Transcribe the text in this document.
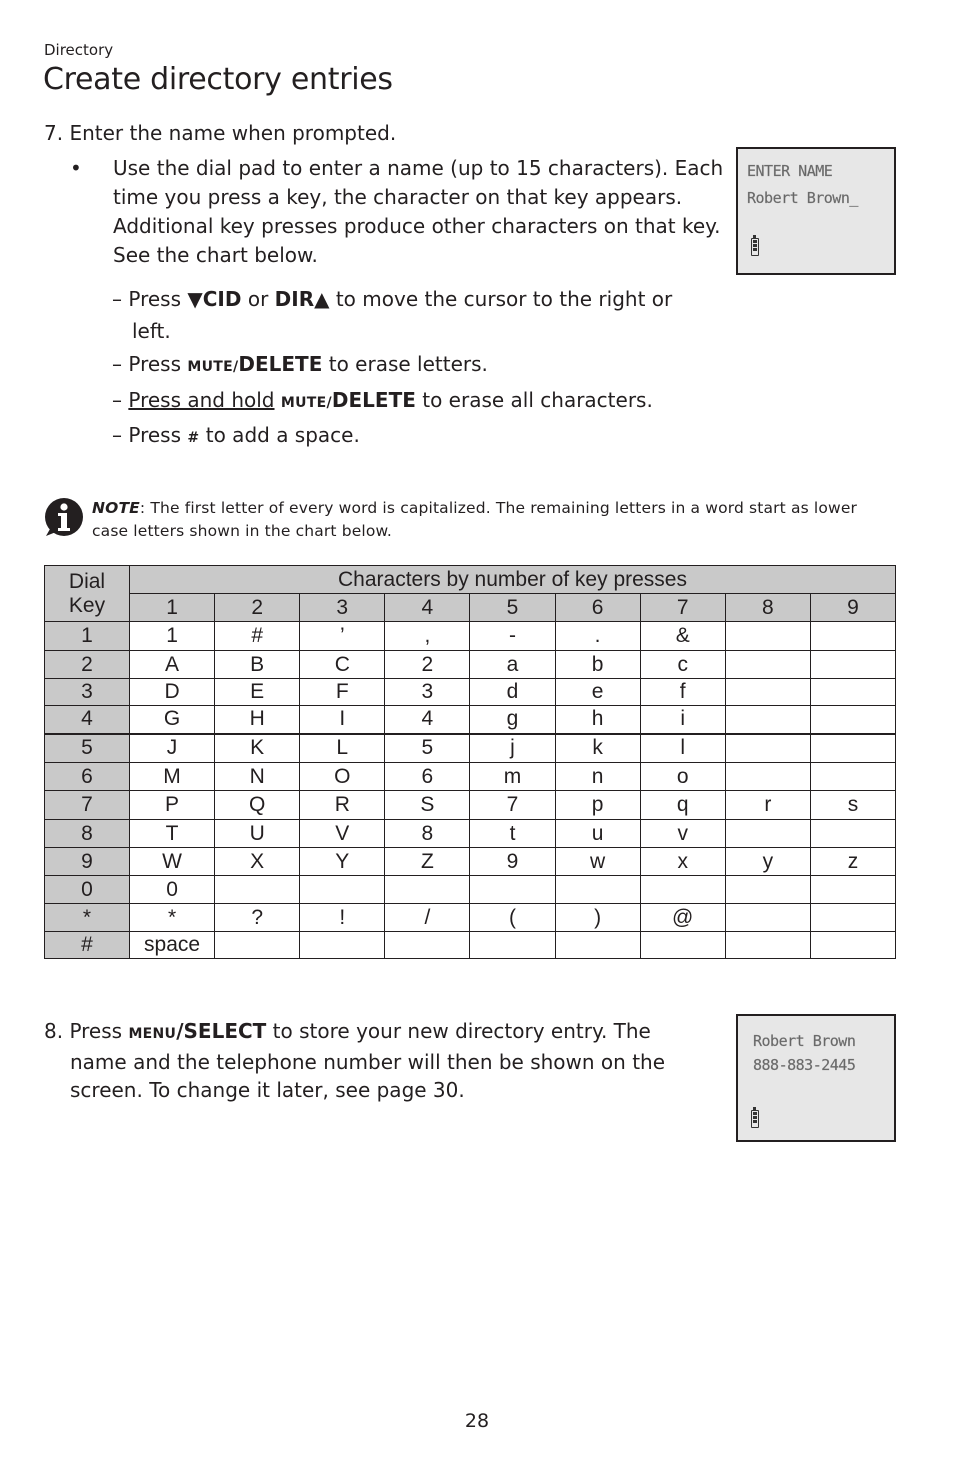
Directory
Create directory entries
7. Enter the name when prompted.
• Use the dial pad to enter a name (up to 15 characters). Each time you press a key, the character on that key appears. Additional key presses produce other characters on that key. See the chart below.
– Press ▼CID or DIR▲ to move the cursor to the right or
left.
– Press MUTE/DELETE to erase letters.
– Press and hold MUTE/DELETE to erase all characters.
– Press # to add a space.
ENTER NAME
Robert Brown_
NOTE: The first letter of every word is capitalized. The remaining letters in a word start as lower case letters shown in the chart below.
Dial
Key	Characters by number of key presses								
	1	2	3	4	5	6	7	8	9
1	1	#	’	,	-	.	&		
2	A	B	C	2	a	b	c		
3	D	E	F	3	d	e	f		
4	G	H	I	4	g	h	i		
5	J	K	L	5	j	k	l		
6	M	N	O	6	m	n	o		
7	P	Q	R	S	7	p	q	r	s
8	T	U	V	8	t	u	v		
9	W	X	Y	Z	9	w	x	y	z
0	0								
*	*	?	!	/	(	)	@		
#	space								
8. Press MENU/SELECT to store your new directory entry. The
name and the telephone number will then be shown on the
screen. To change it later, see page 30.
Robert Brown
888-883-2445
28
